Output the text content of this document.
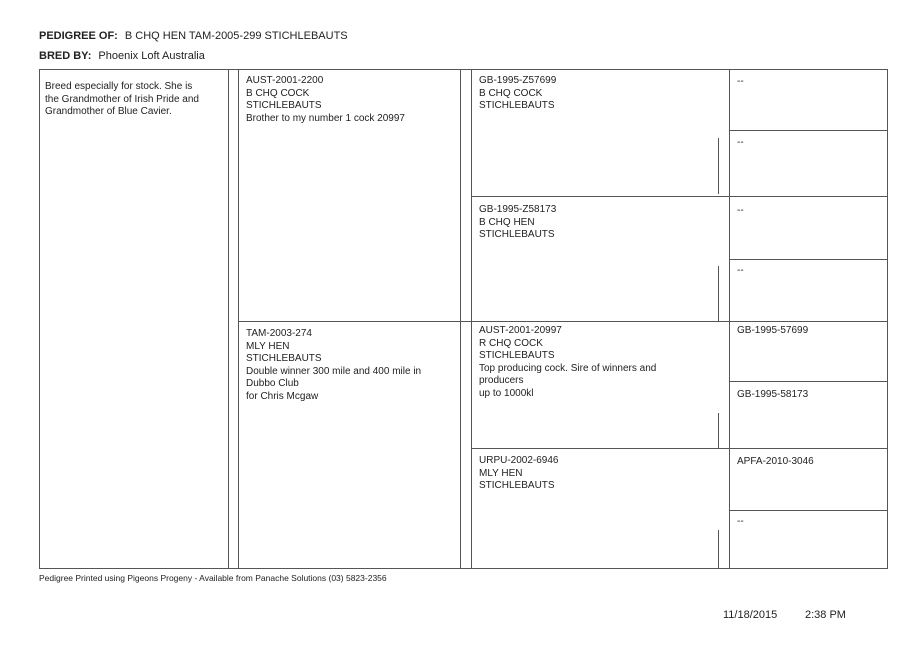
PEDIGREE OF: B CHQ HEN TAM-2005-299 STICHLEBAUTS
BRED BY: Phoenix Loft Australia
Breed especially for stock. She is
the Grandmother of Irish Pride and
Grandmother of Blue Cavier.
AUST-2001-2200
B CHQ COCK
STICHLEBAUTS
Brother to my number 1 cock 20997
TAM-2003-274
MLY HEN
STICHLEBAUTS
Double winner 300 mile and 400 mile in
Dubbo Club
for Chris Mcgaw
GB-1995-Z57699
B CHQ COCK
STICHLEBAUTS
GB-1995-Z58173
B CHQ HEN
STICHLEBAUTS
AUST-2001-20997
R CHQ COCK
STICHLEBAUTS
Top producing cock. Sire of winners and
producers
up to 1000kl
URPU-2002-6946
MLY HEN
STICHLEBAUTS
--
--
--
--
GB-1995-57699
GB-1995-58173
APFA-2010-3046
--
Pedigree Printed using Pigeons Progeny - Available from Panache Solutions (03) 5823-2356
11/18/2015	2:38 PM
